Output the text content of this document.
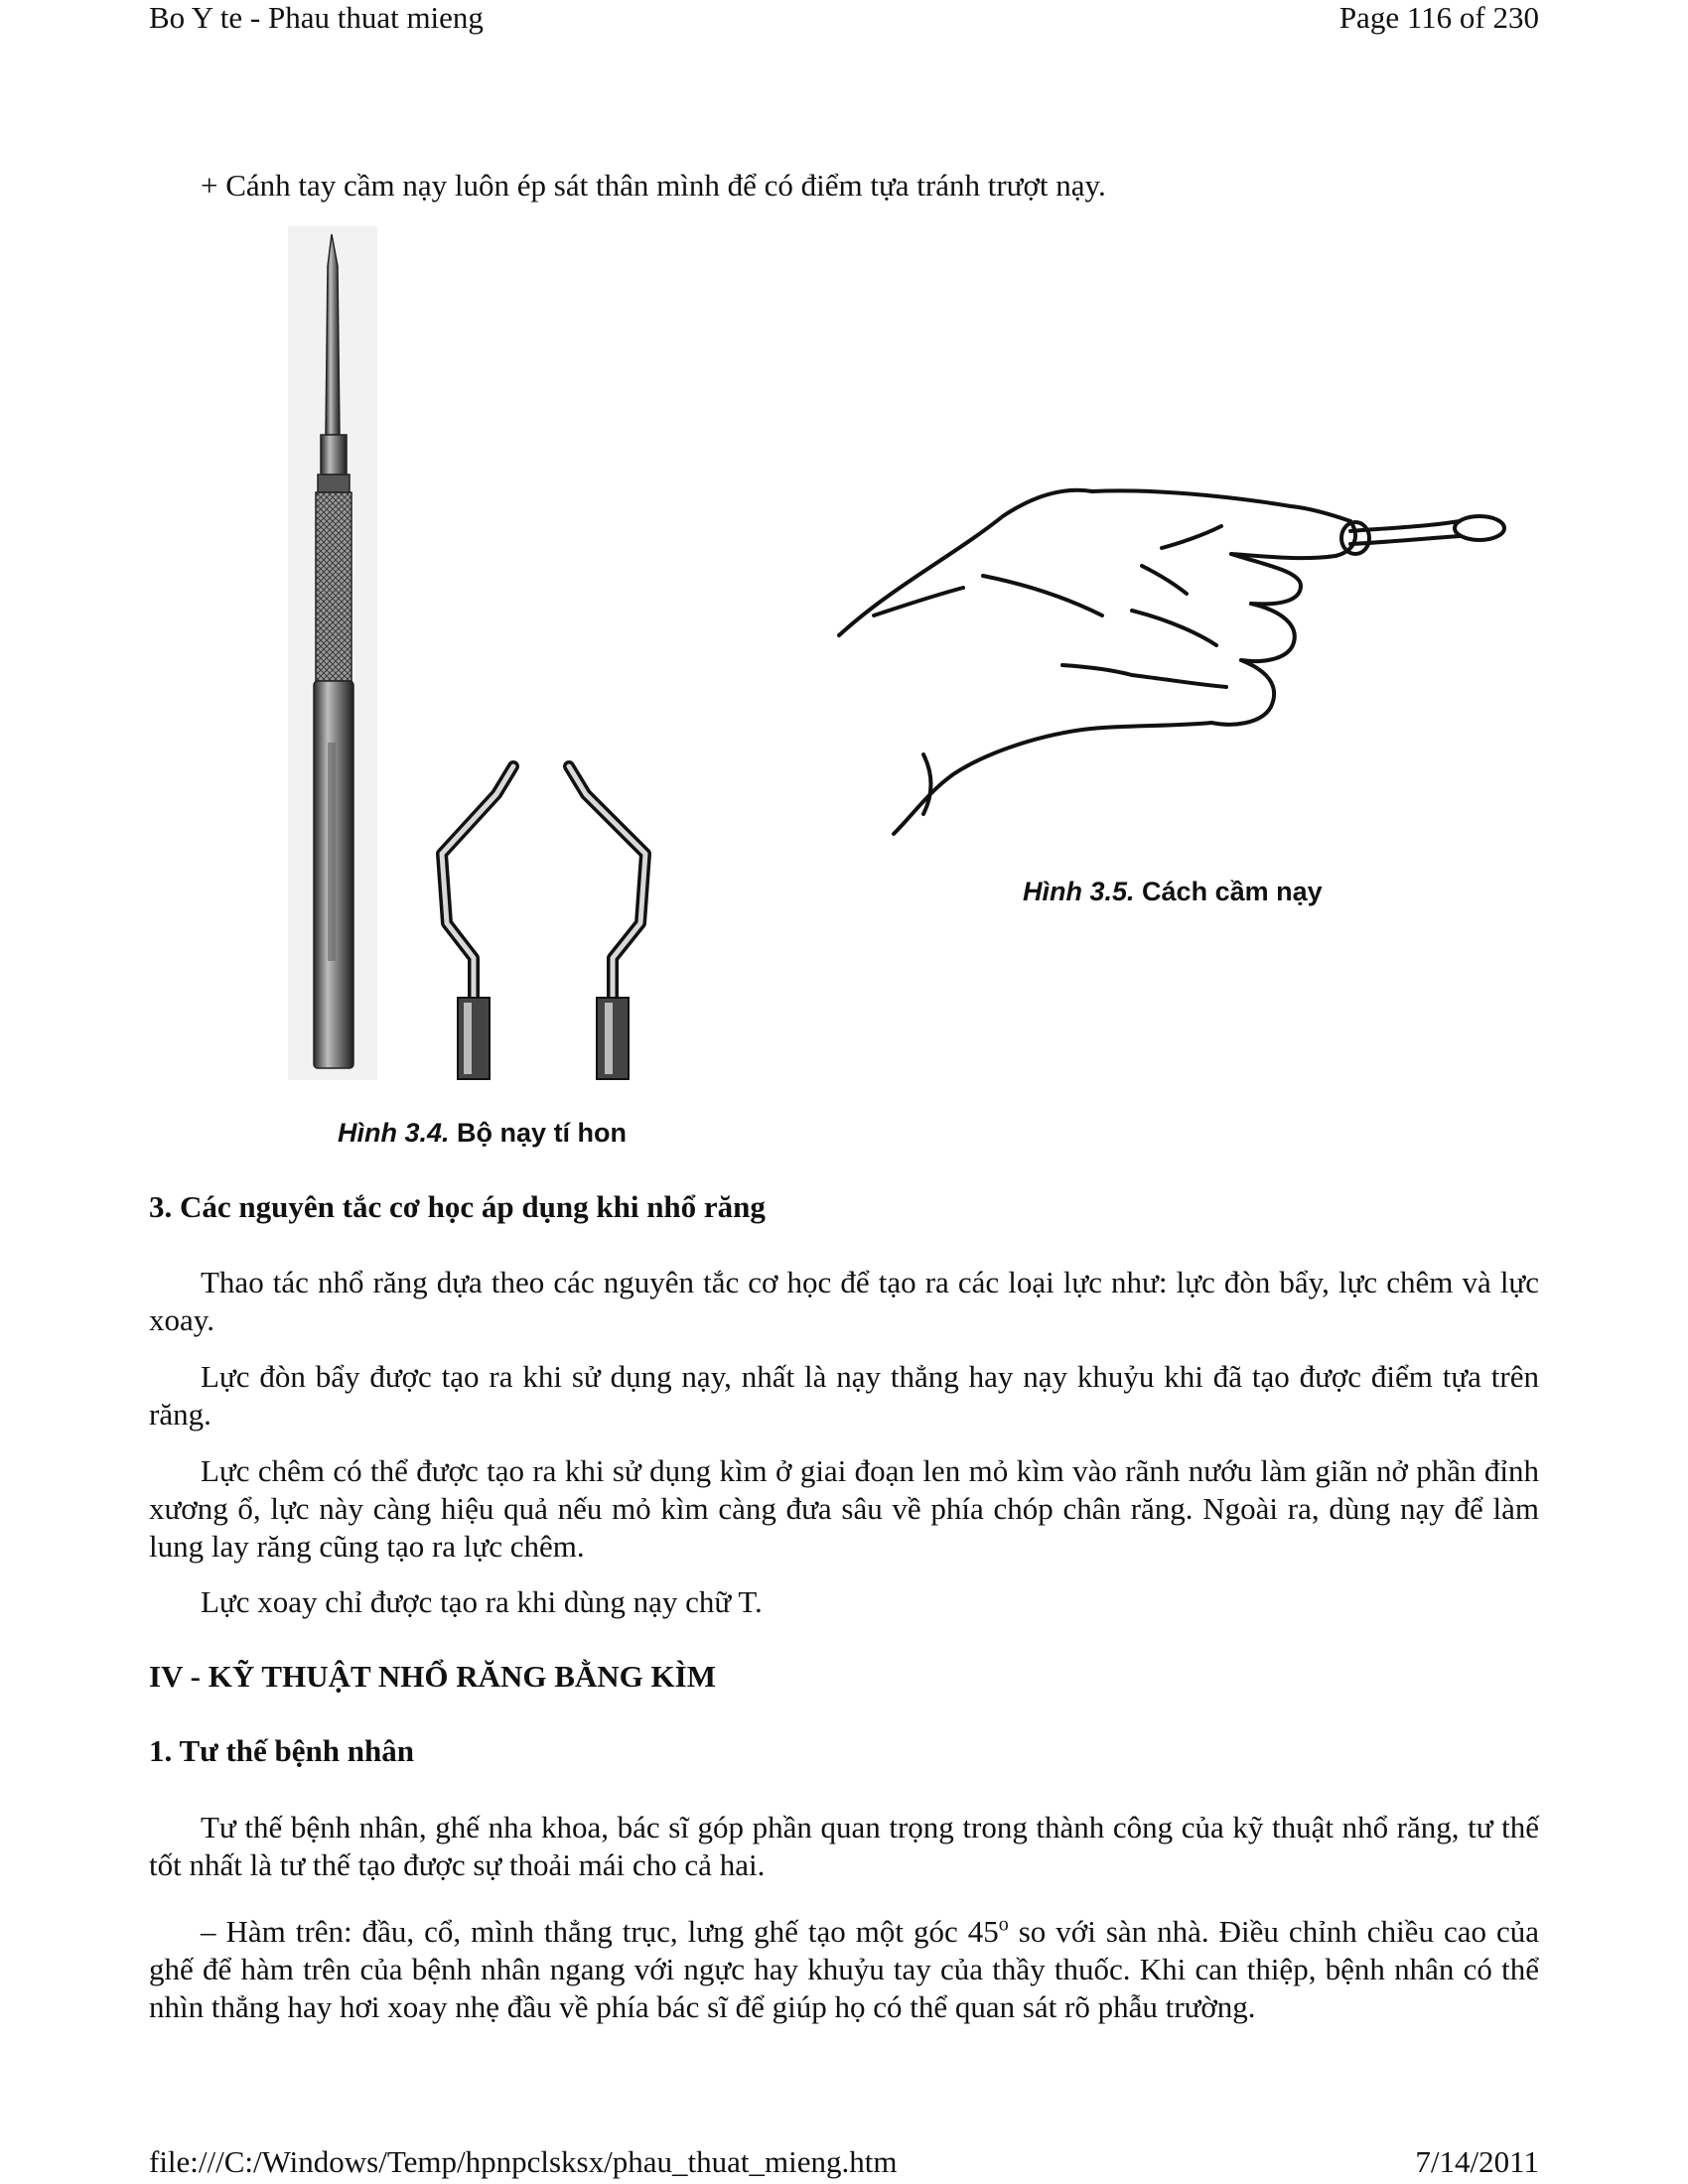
Bo Y te - Phau thuat mieng	Page 116 of 230
+ Cánh tay cầm nạy luôn ép sát thân mình để có điểm tựa tránh trượt nạy.
Hình 3.5. Cách cầm nạy
Hình 3.4. Bộ nạy tí hon
3. Các nguyên tắc cơ học áp dụng khi nhổ răng
Thao tác nhổ răng dựa theo các nguyên tắc cơ học để tạo ra các loại lực như: lực đòn bẩy, lực chêm và lực xoay.
Lực đòn bẩy được tạo ra khi sử dụng nạy, nhất là nạy thẳng hay nạy khuỷu khi đã tạo được điểm tựa trên răng.
Lực chêm có thể được tạo ra khi sử dụng kìm ở giai đoạn len mỏ kìm vào rãnh nướu làm giãn nở phần đỉnh xương ổ, lực này càng hiệu quả nếu mỏ kìm càng đưa sâu về phía chóp chân răng. Ngoài ra, dùng nạy để làm lung lay răng cũng tạo ra lực chêm.
Lực xoay chỉ được tạo ra khi dùng nạy chữ T.
IV - KỸ THUẬT NHỔ RĂNG BẰNG KÌM
1. Tư thế bệnh nhân
Tư thế bệnh nhân, ghế nha khoa, bác sĩ góp phần quan trọng trong thành công của kỹ thuật nhổ răng, tư thế tốt nhất là tư thế tạo được sự thoải mái cho cả hai.
– Hàm trên: đầu, cổ, mình thẳng trục, lưng ghế tạo một góc 45$^o$ so với sàn nhà. Điều chỉnh chiều cao của ghế để hàm trên của bệnh nhân ngang với ngực hay khuỷu tay của thầy thuốc. Khi can thiệp, bệnh nhân có thể nhìn thẳng hay hơi xoay nhẹ đầu về phía bác sĩ để giúp họ có thể quan sát rõ phẫu trường.
file:///C:/Windows/Temp/hpnpclsksx/phau_thuat_mieng.htm	7/14/2011
